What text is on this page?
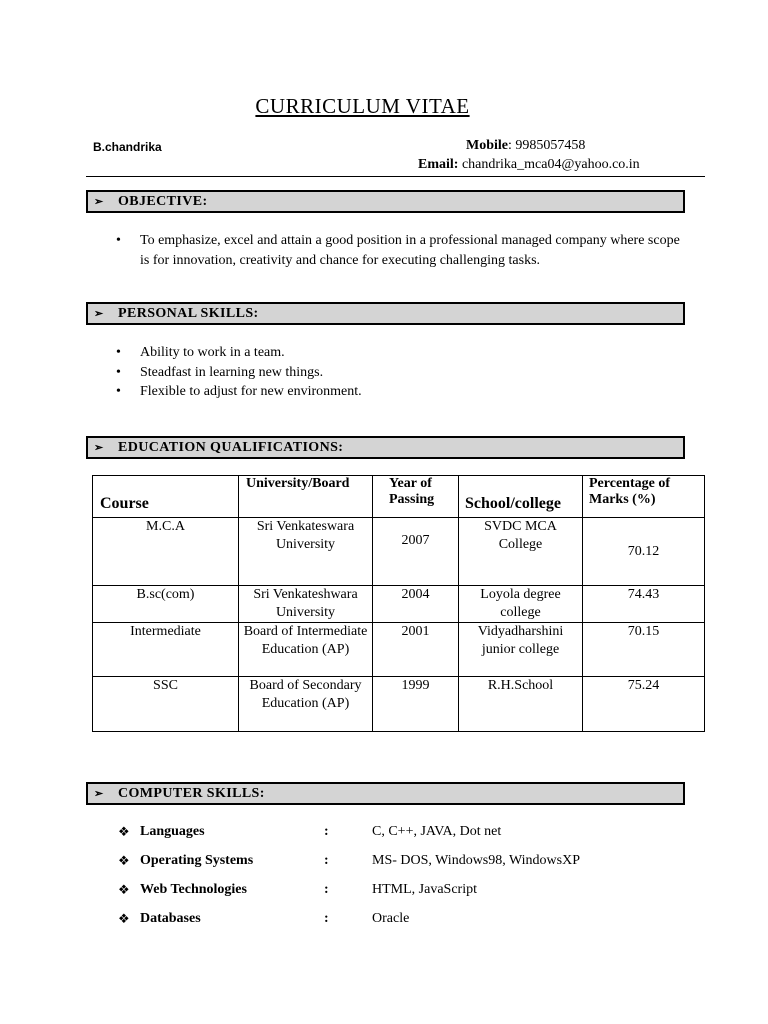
CURRICULUM VITAE
B.chandrika	Mobile: 9985057458
Email: chandrika_mca04@yahoo.co.in
➢ OBJECTIVE:
• To emphasize, excel and attain a good position in a professional managed company where scope is for innovation, creativity and chance for executing challenging tasks.
➢ PERSONAL SKILLS:
• Ability to work in a team.
• Steadfast in learning new things.
• Flexible to adjust for new environment.
➢ EDUCATION QUALIFICATIONS:
Course	University/Board	Year of Passing	School/college	Percentage of Marks (%)
M.C.A	Sri Venkateswara University	2007	SVDC MCA College	70.12
B.sc(com)	Sri Venkateshwara University	2004	Loyola degree college	74.43
Intermediate	Board of Intermediate Education (AP)	2001	Vidyadharshini junior college	70.15
SSC	Board of Secondary Education (AP)	1999	R.H.School	75.24
➢ COMPUTER SKILLS:
❖ Languages	:	C, C++, JAVA, Dot net
❖ Operating Systems	:	MS- DOS, Windows98, WindowsXP
❖ Web Technologies	:	HTML, JavaScript
❖ Databases	:	Oracle
